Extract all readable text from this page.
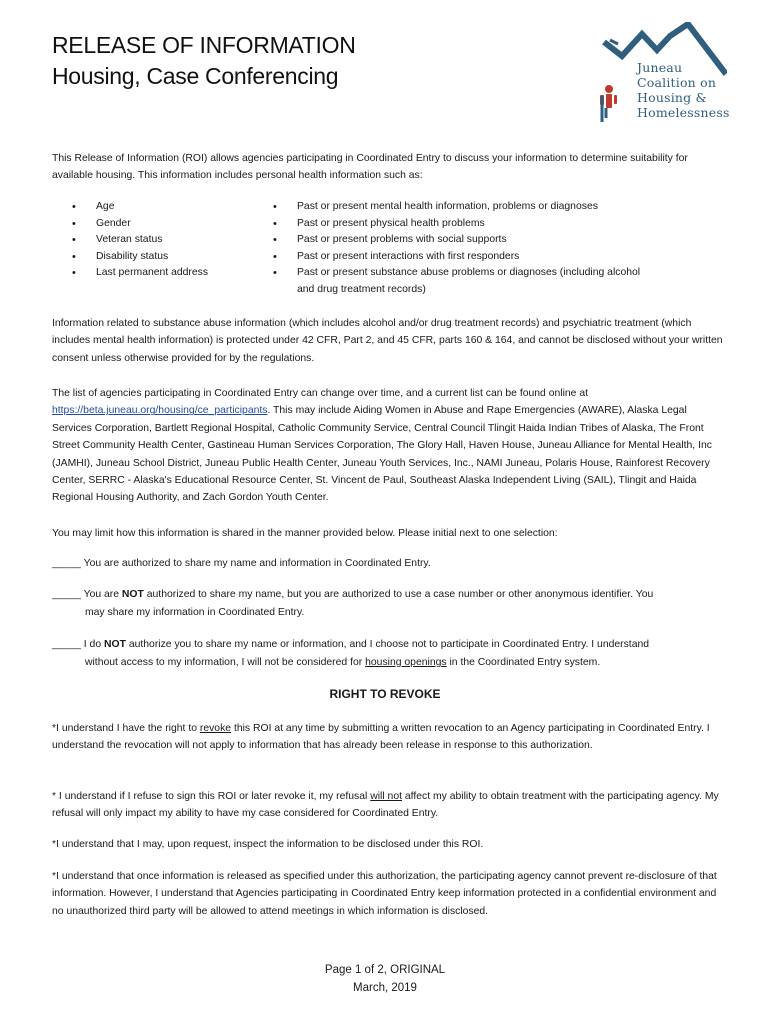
RELEASE OF INFORMATION
Housing, Case Conferencing	Juneau
Coalition on
Housing &
Homelessness
This Release of Information (ROI) allows agencies participating in Coordinated Entry to discuss your information to determine suitability for available housing. This information includes personal health information such as:
• Age
• Gender
• Veteran status
• Disability status
• Last permanent address
• Past or present mental health information, problems or diagnoses
• Past or present physical health problems
• Past or present problems with social supports
• Past or present interactions with first responders
• Past or present substance abuse problems or diagnoses (including alcohol and drug treatment records)
Information related to substance abuse information (which includes alcohol and/or drug treatment records) and psychiatric treatment (which includes mental health information) is protected under 42 CFR, Part 2, and 45 CFR, parts 160 & 164, and cannot be disclosed without your written consent unless otherwise provided for by the regulations.
The list of agencies participating in Coordinated Entry can change over time, and a current list can be found online at https://beta.juneau.org/housing/ce_participants. This may include Aiding Women in Abuse and Rape Emergencies (AWARE), Alaska Legal Services Corporation, Bartlett Regional Hospital, Catholic Community Service, Central Council Tlingit Haida Indian Tribes of Alaska, The Front Street Community Health Center, Gastineau Human Services Corporation, The Glory Hall, Haven House, Juneau Alliance for Mental Health, Inc (JAMHI), Juneau School District, Juneau Public Health Center, Juneau Youth Services, Inc., NAMI Juneau, Polaris House, Rainforest Recovery Center, SERRC - Alaska's Educational Resource Center, St. Vincent de Paul, Southeast Alaska Independent Living (SAIL), Tlingit and Haida Regional Housing Authority, and Zach Gordon Youth Center.
You may limit how this information is shared in the manner provided below. Please initial next to one selection:
_____ You are authorized to share my name and information in Coordinated Entry.
_____ You are NOT authorized to share my name, but you are authorized to use a case number or other anonymous identifier. You
may share my information in Coordinated Entry.
_____ I do NOT authorize you to share my name or information, and I choose not to participate in Coordinated Entry. I understand
without access to my information, I will not be considered for housing openings in the Coordinated Entry system.
RIGHT TO REVOKE
*I understand I have the right to revoke this ROI at any time by submitting a written revocation to an Agency participating in Coordinated Entry. I understand the revocation will not apply to information that has already been release in response to this authorization.
* I understand if I refuse to sign this ROI or later revoke it, my refusal will not affect my ability to obtain treatment with the participating agency. My refusal will only impact my ability to have my case considered for Coordinated Entry.
*I understand that I may, upon request, inspect the information to be disclosed under this ROI.
*I understand that once information is released as specified under this authorization, the participating agency cannot prevent re-disclosure of that information. However, I understand that Agencies participating in Coordinated Entry keep information protected in a confidential environment and no unauthorized third party will be allowed to attend meetings in which information is disclosed.
Page 1 of 2, ORIGINAL
March, 2019
